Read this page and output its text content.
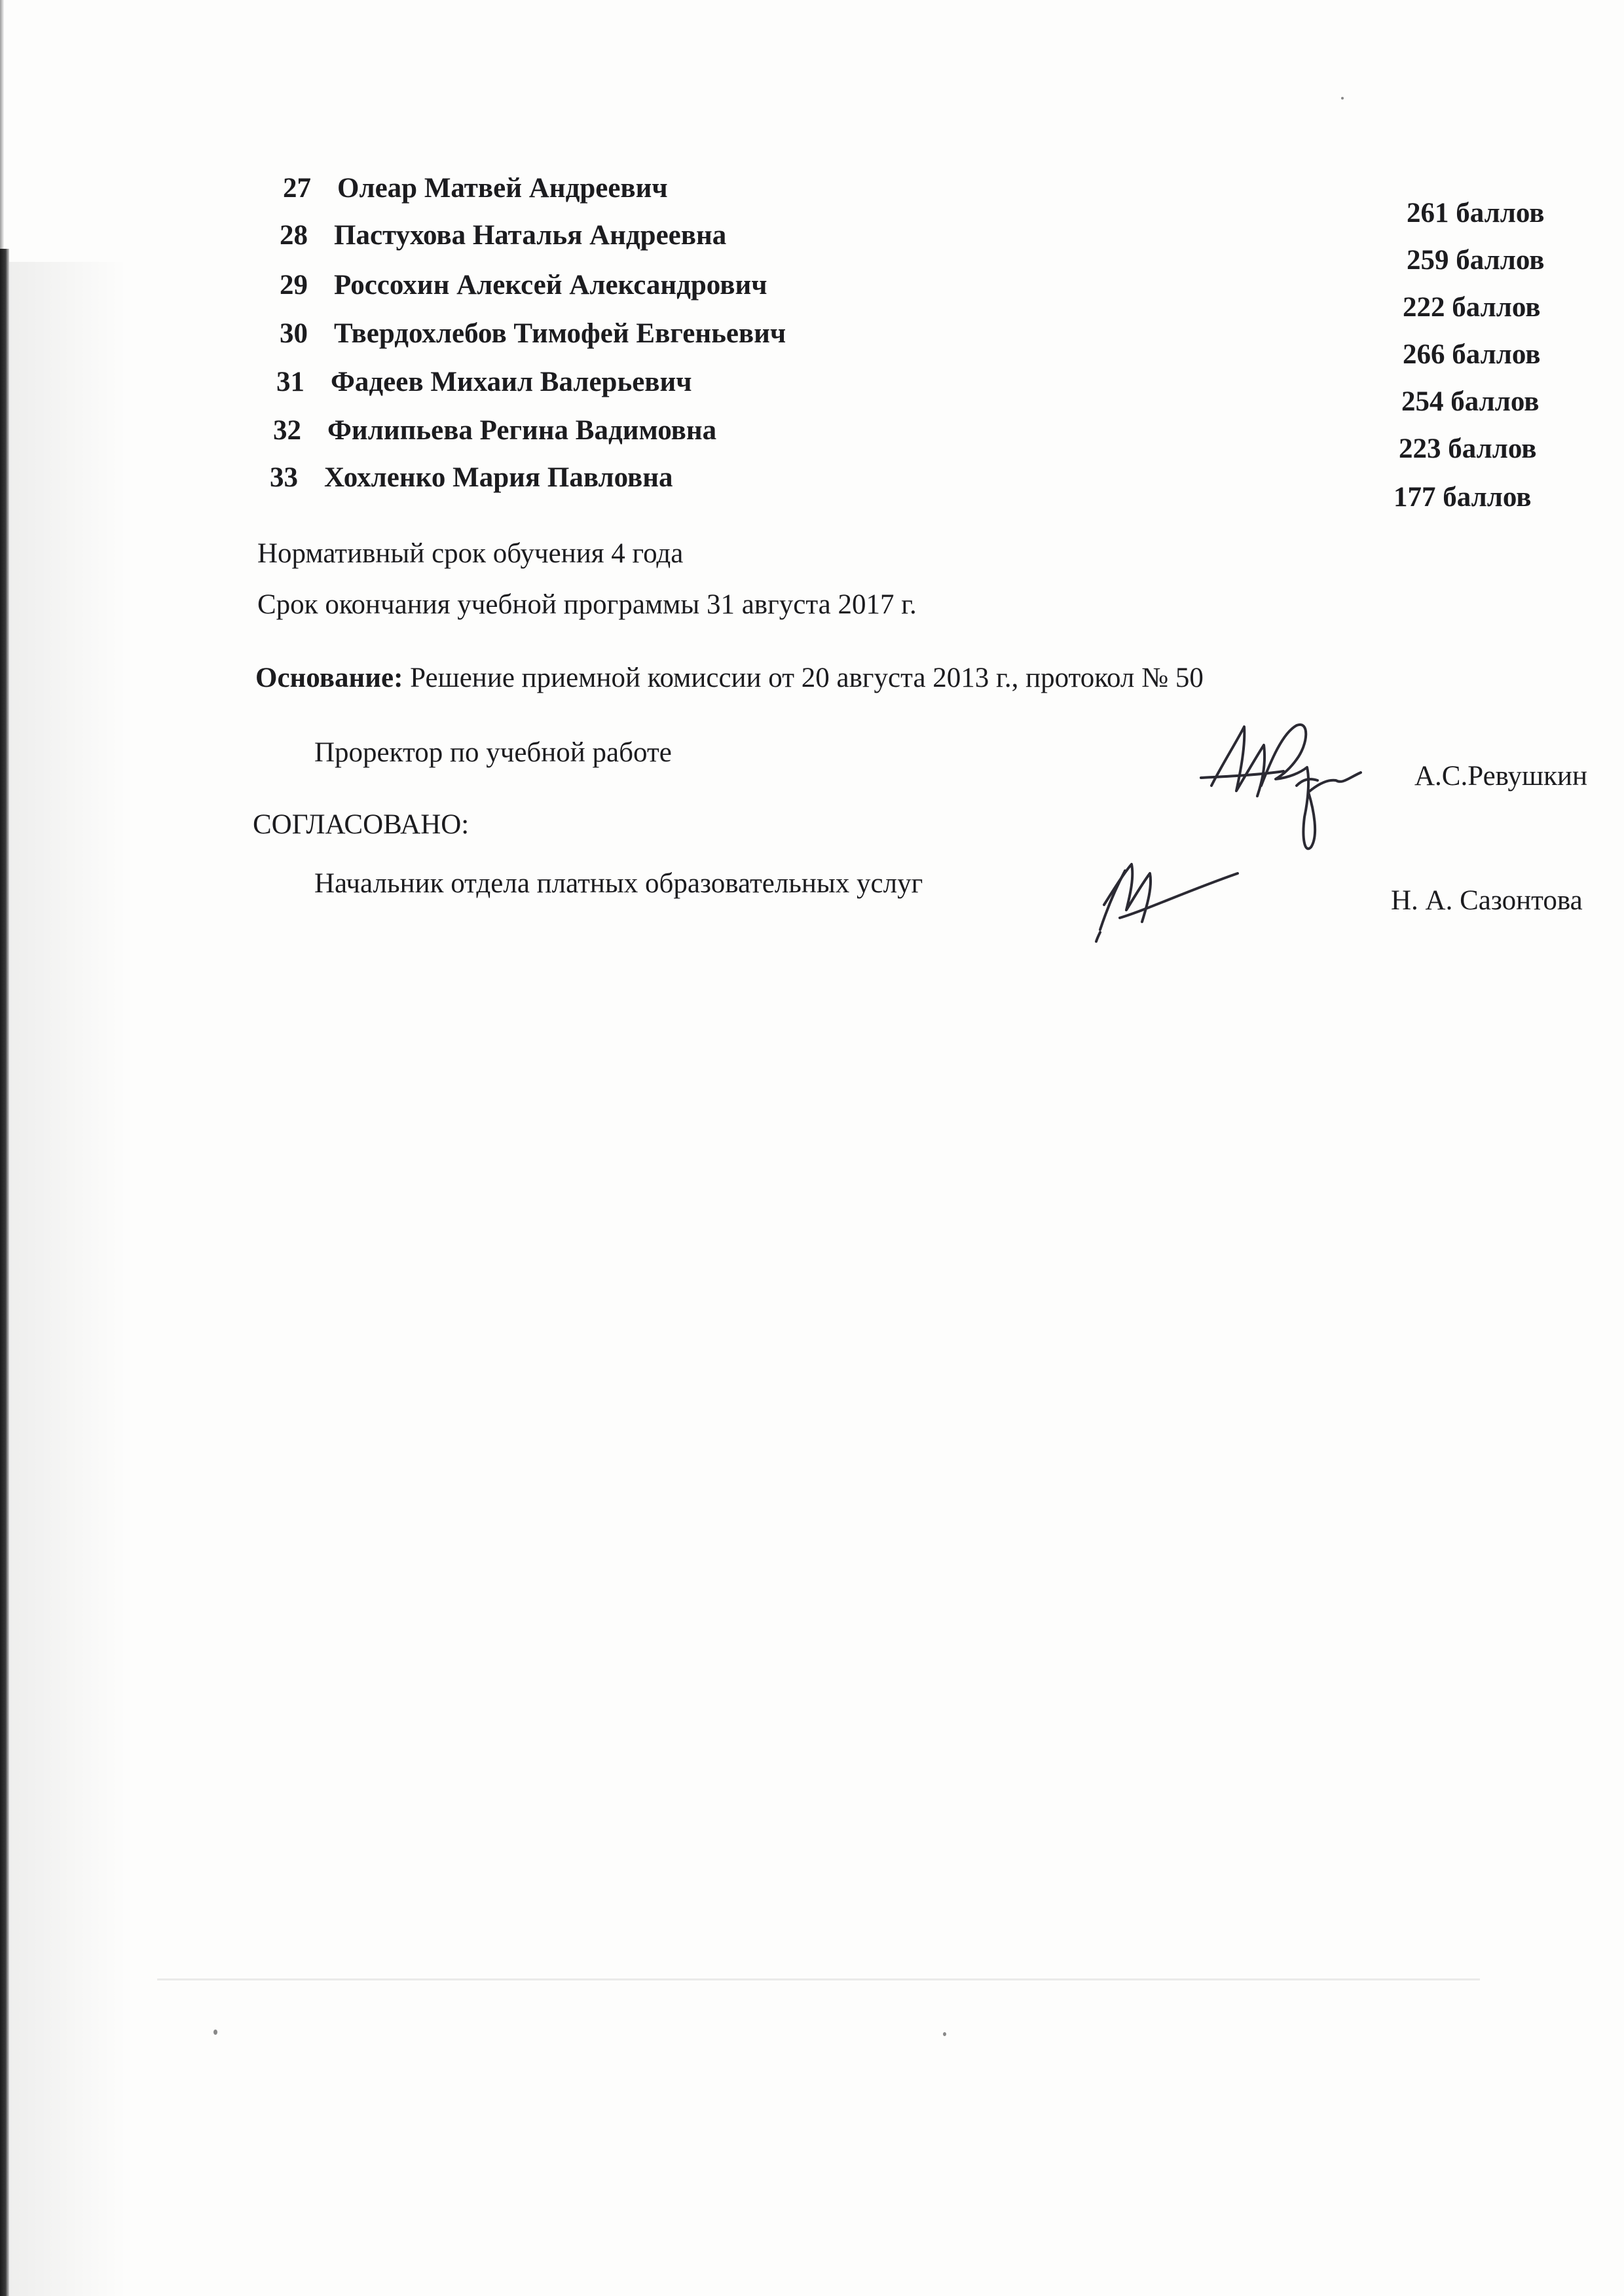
27 Олеар Матвей Андреевич
261 баллов
28 Пастухова Наталья Андреевна
259 баллов
29 Россохин Алексей Александрович
222 баллов
30 Твердохлебов Тимофей Евгеньевич
266 баллов
31 Фадеев Михаил Валерьевич
254 баллов
32 Филипьева Регина Вадимовна
223 баллов
33 Хохленко Мария Павловна
177 баллов
Нормативный срок обучения 4 года
Срок окончания учебной программы 31 августа 2017 г.
Основание: Решение приемной комиссии от 20 августа 2013 г., протокол № 50
Проректор по учебной работе
А.С.Ревушкин
СОГЛАСОВАНО:
Начальник отдела платных образовательных услуг
Н. А. Сазонтова
